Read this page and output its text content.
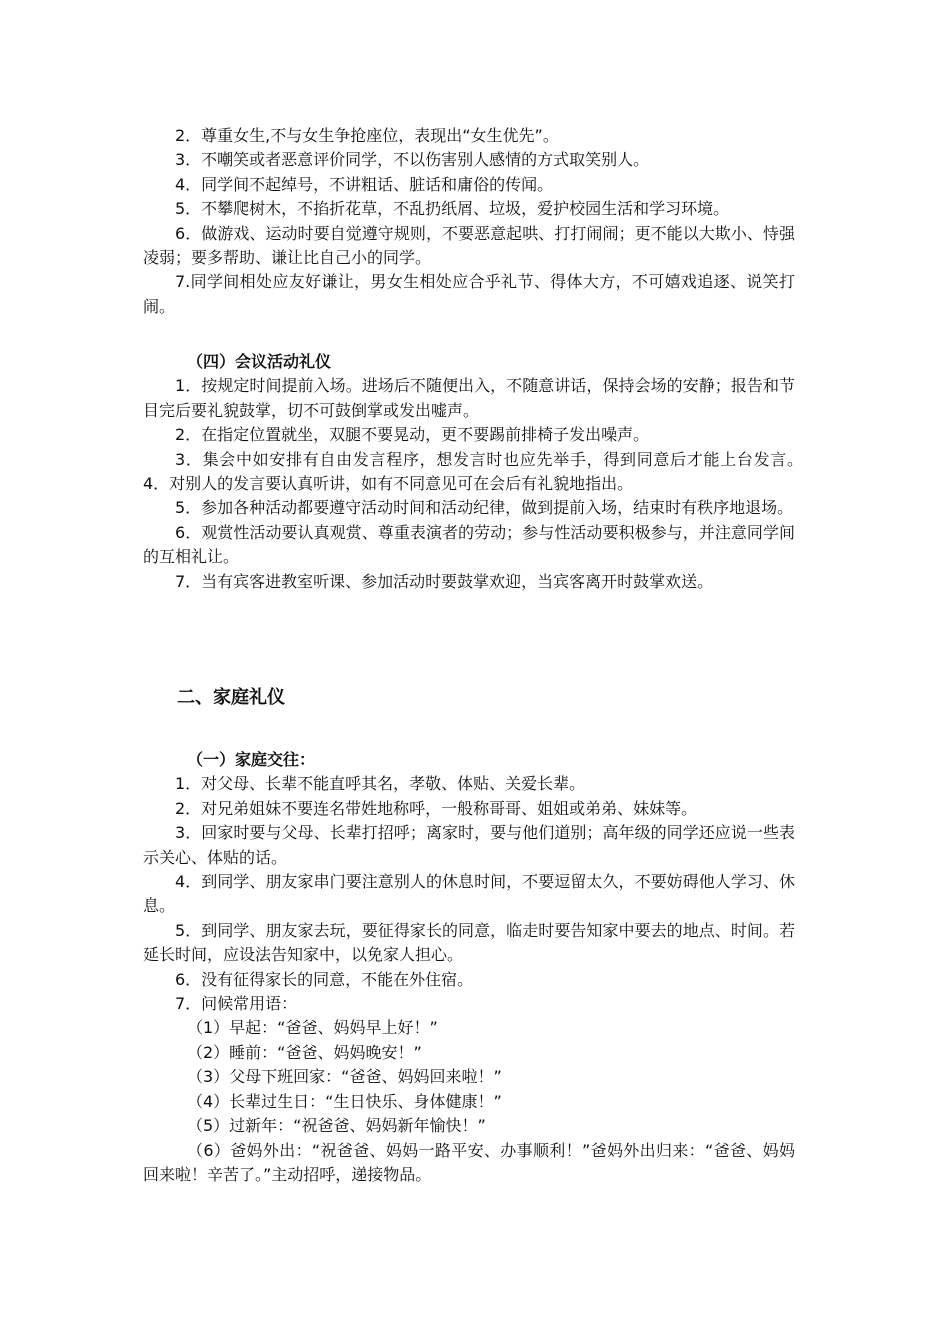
2．尊重女生,不与女生争抢座位，表现出“女生优先”。

3．不嘲笑或者恶意评价同学，不以伤害别人感情的方式取笑别人。

4．同学间不起绰号，不讲粗话、脏话和庸俗的传闻。

5．不攀爬树木，不掐折花草，不乱扔纸屑、垃圾，爱护校园生活和学习环境。

6．做游戏、运动时要自觉遵守规则，不要恶意起哄、打打闹闹；更不能以大欺小、恃强凌弱；要多帮助、谦让比自己小的同学。

7.同学间相处应友好谦让，男女生相处应合乎礼节、得体大方，不可嬉戏追逐、说笑打闹。

（四）会议活动礼仪

1．按规定时间提前入场。进场后不随便出入，不随意讲话，保持会场的安静；报告和节目完后要礼貌鼓掌，切不可鼓倒掌或发出嘘声。

2．在指定位置就坐，双腿不要晃动，更不要踢前排椅子发出噪声。

3．集会中如安排有自由发言程序，想发言时也应先举手，得到同意后才能上台发言。　　4．对别人的发言要认真听讲，如有不同意见可在会后有礼貌地指出。

5．参加各种活动都要遵守活动时间和活动纪律，做到提前入场，结束时有秩序地退场。

6．观赏性活动要认真观赏、尊重表演者的劳动；参与性活动要积极参与，并注意同学间的互相礼让。

7．当有宾客进教室听课、参加活动时要鼓掌欢迎，当宾客离开时鼓掌欢送。

二、家庭礼仪

（一）家庭交往：

1．对父母、长辈不能直呼其名，孝敬、体贴、关爱长辈。

2．对兄弟姐妹不要连名带姓地称呼，一般称哥哥、姐姐或弟弟、妹妹等。

3．回家时要与父母、长辈打招呼；离家时，要与他们道别；高年级的同学还应说一些表示关心、体贴的话。

4．到同学、朋友家串门要注意别人的休息时间，不要逗留太久，不要妨碍他人学习、休息。

5．到同学、朋友家去玩，要征得家长的同意，临走时要告知家中要去的地点、时间。若延长时间，应设法告知家中，以免家人担心。

6．没有征得家长的同意，不能在外住宿。

7．问候常用语：

（1）早起：“爸爸、妈妈早上好！”

（2）睡前：“爸爸、妈妈晚安！”

（3）父母下班回家：“爸爸、妈妈回来啦！”

（4）长辈过生日：“生日快乐、身体健康！”

（5）过新年：“祝爸爸、妈妈新年愉快！”

（6）爸妈外出：“祝爸爸、妈妈一路平安、办事顺利！”爸妈外出归来：“爸爸、妈妈回来啦！辛苦了。”主动招呼，递接物品。
